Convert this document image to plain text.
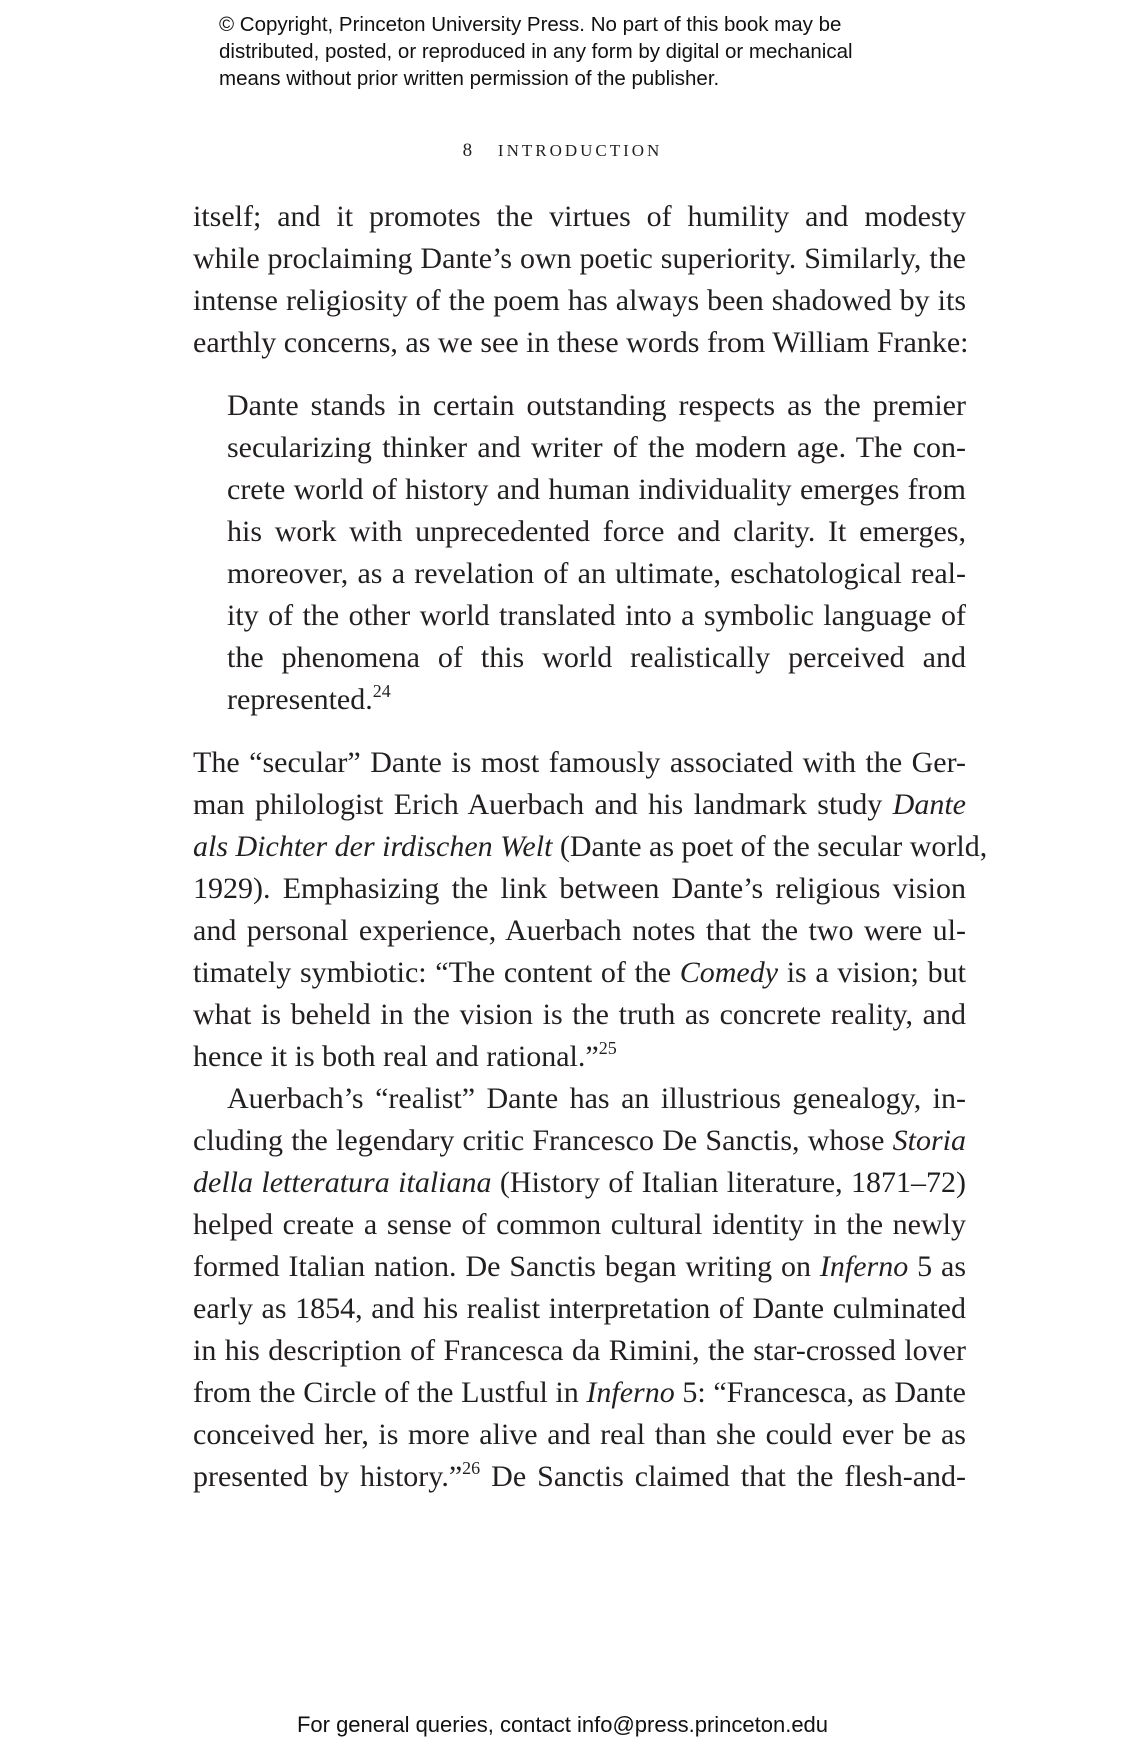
© Copyright, Princeton University Press. No part of this book may be
distributed, posted, or reproduced in any form by digital or mechanical
means without prior written permission of the publisher.
8 INTRODUCTION
itself; and it promotes the virtues of humility and modesty
while proclaiming Dante’s own poetic superiority. Similarly, the
intense religiosity of the poem has always been shadowed by its
earthly concerns, as we see in these words from William Franke:
Dante stands in certain outstanding respects as the premier
secularizing thinker and writer of the modern age. The con-
crete world of history and human individuality emerges from
his work with unprecedented force and clarity. It emerges,
moreover, as a revelation of an ultimate, eschatological real-
ity of the other world translated into a symbolic language of
the phenomena of this world realistically perceived and
represented.$^{24}$
The “secular” Dante is most famously associated with the Ger-
man philologist Erich Auerbach and his landmark study Dante
als Dichter der irdischen Welt (Dante as poet of the secular world,
1929). Emphasizing the link between Dante’s religious vision
and personal experience, Auerbach notes that the two were ul-
timately symbiotic: “The content of the Comedy is a vision; but
what is beheld in the vision is the truth as concrete reality, and
hence it is both real and rational.”$^{25}$
Auerbach’s “realist” Dante has an illustrious genealogy, in-
cluding the legendary critic Francesco De Sanctis, whose Storia
della letteratura italiana (History of Italian literature, 1871–72)
helped create a sense of common cultural identity in the newly
formed Italian nation. De Sanctis began writing on Inferno 5 as
early as 1854, and his realist interpretation of Dante culminated
in his description of Francesca da Rimini, the star-crossed lover
from the Circle of the Lustful in Inferno 5: “Francesca, as Dante
conceived her, is more alive and real than she could ever be as
presented by history.”$^{26}$ De Sanctis claimed that the flesh-and-
For general queries, contact info@press.princeton.edu
